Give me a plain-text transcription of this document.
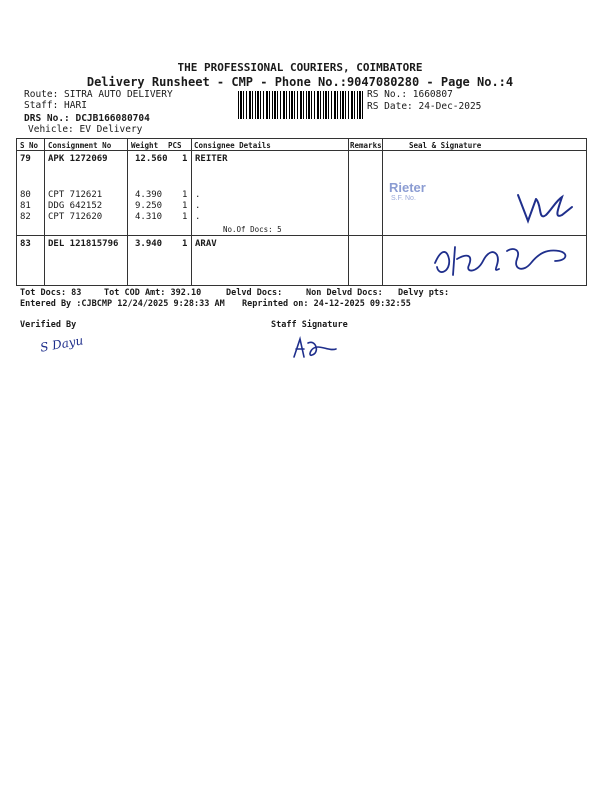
THE PROFESSIONAL COURIERS, COIMBATORE
Delivery Runsheet - CMP - Phone No.:9047080280 - Page No.:4
Route: SITRA AUTO DELIVERY
Staff: HARI
DRS No.: DCJB166080704
Vehicle: EV Delivery
RS No.: 1660807
RS Date: 24-Dec-2025
S No Consignment No	Weight PCS Consignee Details	Remarks	Seal & Signature
79 APK 1272069	12.560 1 REITER
80 CPT 712621	4.390 1 .
81 DDG 642152	9.250 1 .
82 CPT 712620	4.310 1 .
No.Of Docs: 5
83 DEL 121815796 3.940 1 ARAV
Rieter
S.F. No.
Tot Docs: 83	Tot COD Amt: 392.10	Delvd Docs:	Non Delvd Docs: Delvy pts:
Entered By :CJBCMP 12/24/2025 9:28:33 AM Reprinted on: 24-12-2025 09:32:55
Verified By	Staff Signature
S Dayu
